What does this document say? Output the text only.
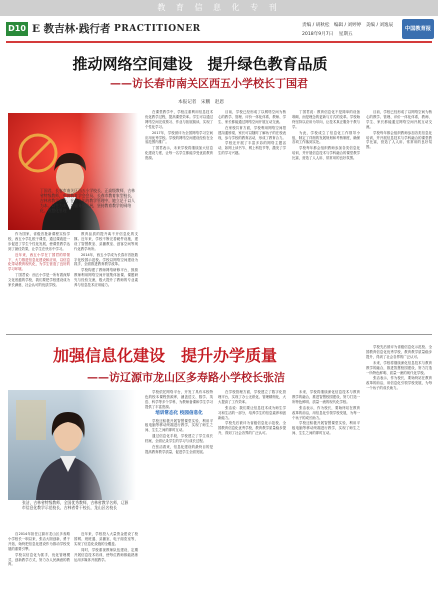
教 育 信 息 化 专 刊
D10 E 教吉林·践行者 PRACTITIONER	责编 / 胡秋松 编辑 / 刘婷婷 美编 / 刘逸辰
2018年9月7日 星期五
中国教育报
推动网络空间建设　提升绿色教育品质
——访长春市南关区西五小学校长丁国君
丁国君，长春市南关区西五小学校长、正高级教师，吉林省特级教师，中国教育学会会员、长春市教育家型校长，吉林省教学新秀，在十多年的教学管理中，她立足于以人为本、以生为本，以服务促发展，坚持教育教学的网络化、智慧化管理

作为国家、省级首批新课程实验学校，西五小学扎根于课堂，通过课改进一步促进了学生个性化发展，使课堂教学达到了最佳效果，让学生在快乐中学习。

近年来，西五小学在丁国君的带领下，大力推进信息化建设和应用，以信息化带动教育现代化，为学生营造了良好的学习环境。

丁国君说：西五小学是一所有着深厚文化底蕴的学校，我们要把学校建设成为家长满意、社会认可的优质学校。

教育品质的提升离不开信息化的支撑。近年来，学校不断完善硬件设施，建设了智慧教室、录播教室、创客空间等现代化教学场所。

2014年，西五小学成为长春市首批数字化校园示范校。学校以网络空间建设为抓手，全面推进教育教学改革。

学校构建了教师网络研修平台，鼓励教师利用网络空间开展集体备课、课题研究与经验交流，极大提升了教师的专业素养与信息技术应用能力。

本报记者　宋鹏　赵恩

在课堂教学中，学校注重利用信息技术优化教学过程，提高课堂效率。学生可以通过网络空间完成预习、作业与拓展阅读，实现了个性化学习。

2017年，学校被评为全国网络学习空间应用优秀学校。学校的网络空间建设经验在全省范围内推广。

丁国君表示，未来学校将继续加大信息化建设力度，让每一名学生都能享受优质教育资源。

目前，学校已经形成了以网络空间为核心的教学、管理、评价一体化体系，教师、学生、家长都能通过网络空间开展互动交流。

在家校共育方面，学校利用网络空间搭建沟通桥梁，家长可以随时了解孩子的在校表现，参与学校的教育活动，形成了教育合力。

学校还开展了丰富多彩的网络主题活动，如网上读书节、网上科技节等，激发了学生的学习兴趣。

丁国君说：教育信息化不是简单的设备堆砌，而是理念的更新与方式的变革。学校始终坚持以应用为导向，让技术真正服务于教与学。

为此，学校成立了信息化工作领导小组，制定了详细的发展规划和考核制度，确保各项工作落到实处。

学校每年都会组织教师参加各类信息化培训，并开展信息技术与学科融合的课堂教学比赛，营造了人人用、常常用的良好氛围。

目前，学校已经形成了以网络空间为核心的教学、管理、评价一体化体系，教师、学生、家长都能通过网络空间开展互动交流。

学校每年都会组织教师参加各类信息化培训，并开展信息技术与学科融合的课堂教学比赛，营造了人人用、常常用的良好氛围。

加强信息化建设　提升办学质量
——访辽源市龙山区多寿路小学校长张洁
张洁，吉林省特级教师，全国优秀教师，吉林省教学名师，辽源市信息化教学示范校长，吉林省骨干校长，龙山区名校长

自2014年担任辽源市龙山区多寿路小学校长一职以来，张洁大胆创新，勇于开拓，始终把信息化建设作为推动学校发展的重要引擎。

学校以信息化为抓手，优化管理模式，创新教学方式，努力办人民满意的教育。

近年来，学校投入大量资金建设了校园网、班班通、录播室、电子阅览室等，实现了信息化设施的全覆盖。

同时，学校重视教师队伍建设，定期开展信息技术培训，使每位教师都能熟练运用多媒体开展教学。

学校依托网络平台，开发了具有本校特色的校本课程资源库，涵盖语文、数学、英语、科学等多个学科，为教师备课和学生学习提供了丰富资源。

培训常态化 校园信息化

学校还积极开展智慧课堂实验，利用平板电脑等移动终端进行教学，实现了师生之间、生生之间的即时互动。

通过信息化手段，学校建立了学生成长档案，全面记录学生的学习与成长过程。

在张洁看来，信息化建设的最终目的是提高教育教学质量，促进学生全面发展。

在学校管理方面，学校建立了数字化管理平台，实现了办公无纸化、管理精细化，大大提高了工作效率。

张洁说：我们要让信息技术成为师生学习和生活的一部分，培养学生的信息素养和创新能力。

学校先后被评为省级信息化示范校、全国教育信息化优秀学校，教育教学质量稳步提升，得到了社会各界的广泛认可。

未来，学校将继续深化信息技术与教育教学的融合，推进智慧校园建设，努力打造一所特色鲜明、质量一流的现代化学校。

张洁表示，作为校长，要始终站在教育改革的前沿，用信息化引领学校发展，为每一个孩子的成长助力。

学校还积极开展智慧课堂实验，利用平板电脑等移动终端进行教学，实现了师生之间、生生之间的即时互动。

学校先后被评为省级信息化示范校、全国教育信息化优秀学校，教育教学质量稳步提升，得到了社会各界的广泛认可。

未来，学校将继续深化信息技术与教育教学的融合，推进智慧校园建设，努力打造一所特色鲜明、质量一流的现代化学校。

张洁表示，作为校长，要始终站在教育改革的前沿，用信息化引领学校发展，为每一个孩子的成长助力。
